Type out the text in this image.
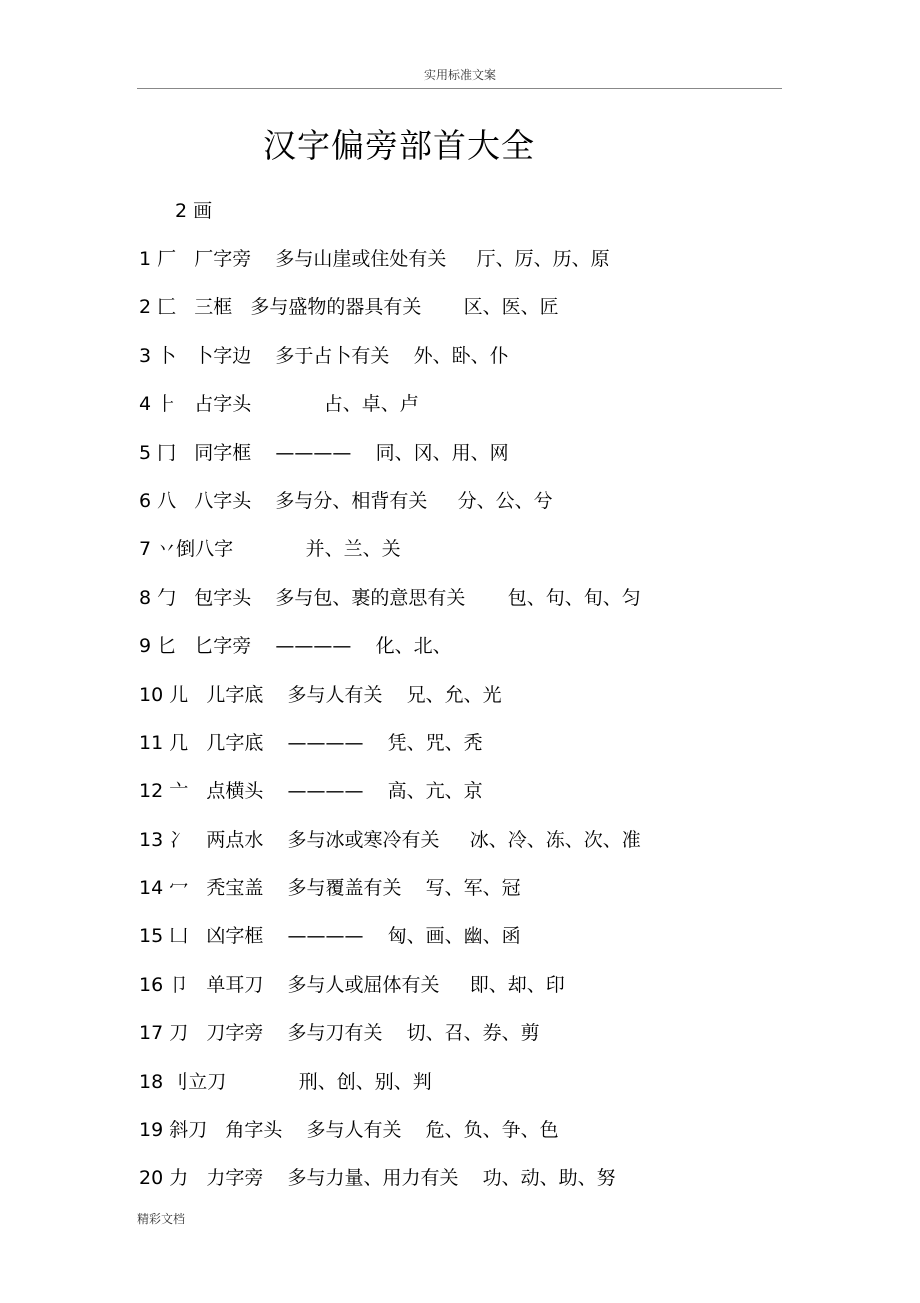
实用标准文案
汉字偏旁部首大全
2 画
1 厂   厂字旁    多与山崖或住处有关     厅、厉、历、原
2 匚   三框   多与盛物的器具有关       区、医、匠
3 卜   卜字边    多于占卜有关    外、卧、仆
4 ⺊   占字头            占、卓、卢
5 冂   同字框    ————    同、冈、用、网
6 八   八字头    多与分、相背有关     分、公、兮
7 丷倒八字            并、兰、关
8 勹   包字头    多与包、裹的意思有关       包、句、旬、匀
9 匕   匕字旁    ————    化、北、
10 儿   儿字底    多与人有关    兄、允、光
11 几   几字底    ————    凭、咒、秃
12 亠   点横头    ————    高、亢、京
13 冫   两点水    多与冰或寒冷有关     冰、冷、冻、次、准
14 冖   秃宝盖    多与覆盖有关    写、军、冠
15 凵   凶字框    ————    匈、画、幽、函
16 卩   单耳刀    多与人或屈体有关     即、却、印
17 刀   刀字旁    多与刀有关    切、召、券、剪
18 刂立刀            刑、创、别、判
19 斜刀   角字头    多与人有关    危、负、争、色
20 力   力字旁    多与力量、用力有关    功、动、助、努
精彩文档
